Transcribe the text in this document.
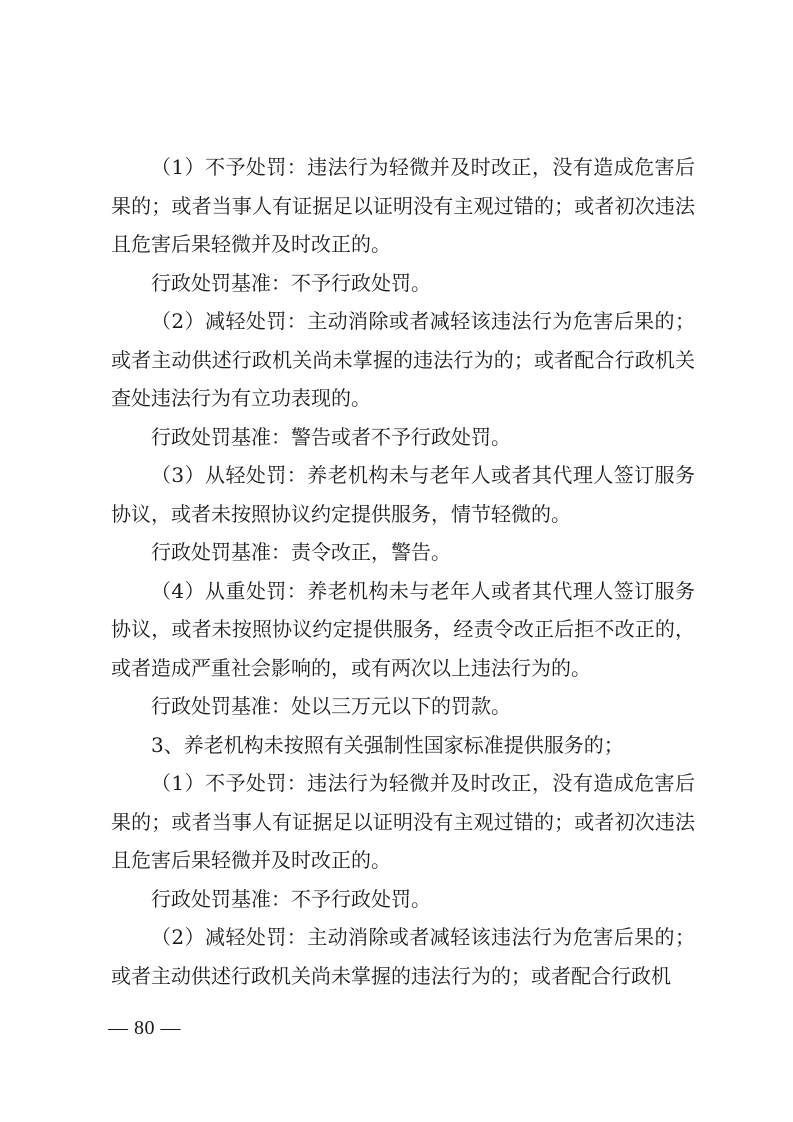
（1）不予处罚：违法行为轻微并及时改正，没有造成危害后果的；或者当事人有证据足以证明没有主观过错的；或者初次违法且危害后果轻微并及时改正的。

行政处罚基准：不予行政处罚。

（2）减轻处罚：主动消除或者减轻该违法行为危害后果的；或者主动供述行政机关尚未掌握的违法行为的；或者配合行政机关查处违法行为有立功表现的。

行政处罚基准：警告或者不予行政处罚。

（3）从轻处罚：养老机构未与老年人或者其代理人签订服务协议，或者未按照协议约定提供服务，情节轻微的。

行政处罚基准：责令改正，警告。

（4）从重处罚：养老机构未与老年人或者其代理人签订服务协议，或者未按照协议约定提供服务，经责令改正后拒不改正的，或者造成严重社会影响的，或有两次以上违法行为的。

行政处罚基准：处以三万元以下的罚款。

3、养老机构未按照有关强制性国家标准提供服务的；

（1）不予处罚：违法行为轻微并及时改正，没有造成危害后果的；或者当事人有证据足以证明没有主观过错的；或者初次违法且危害后果轻微并及时改正的。

行政处罚基准：不予行政处罚。

（2）减轻处罚：主动消除或者减轻该违法行为危害后果的；或者主动供述行政机关尚未掌握的违法行为的；或者配合行政机

— 80 —
